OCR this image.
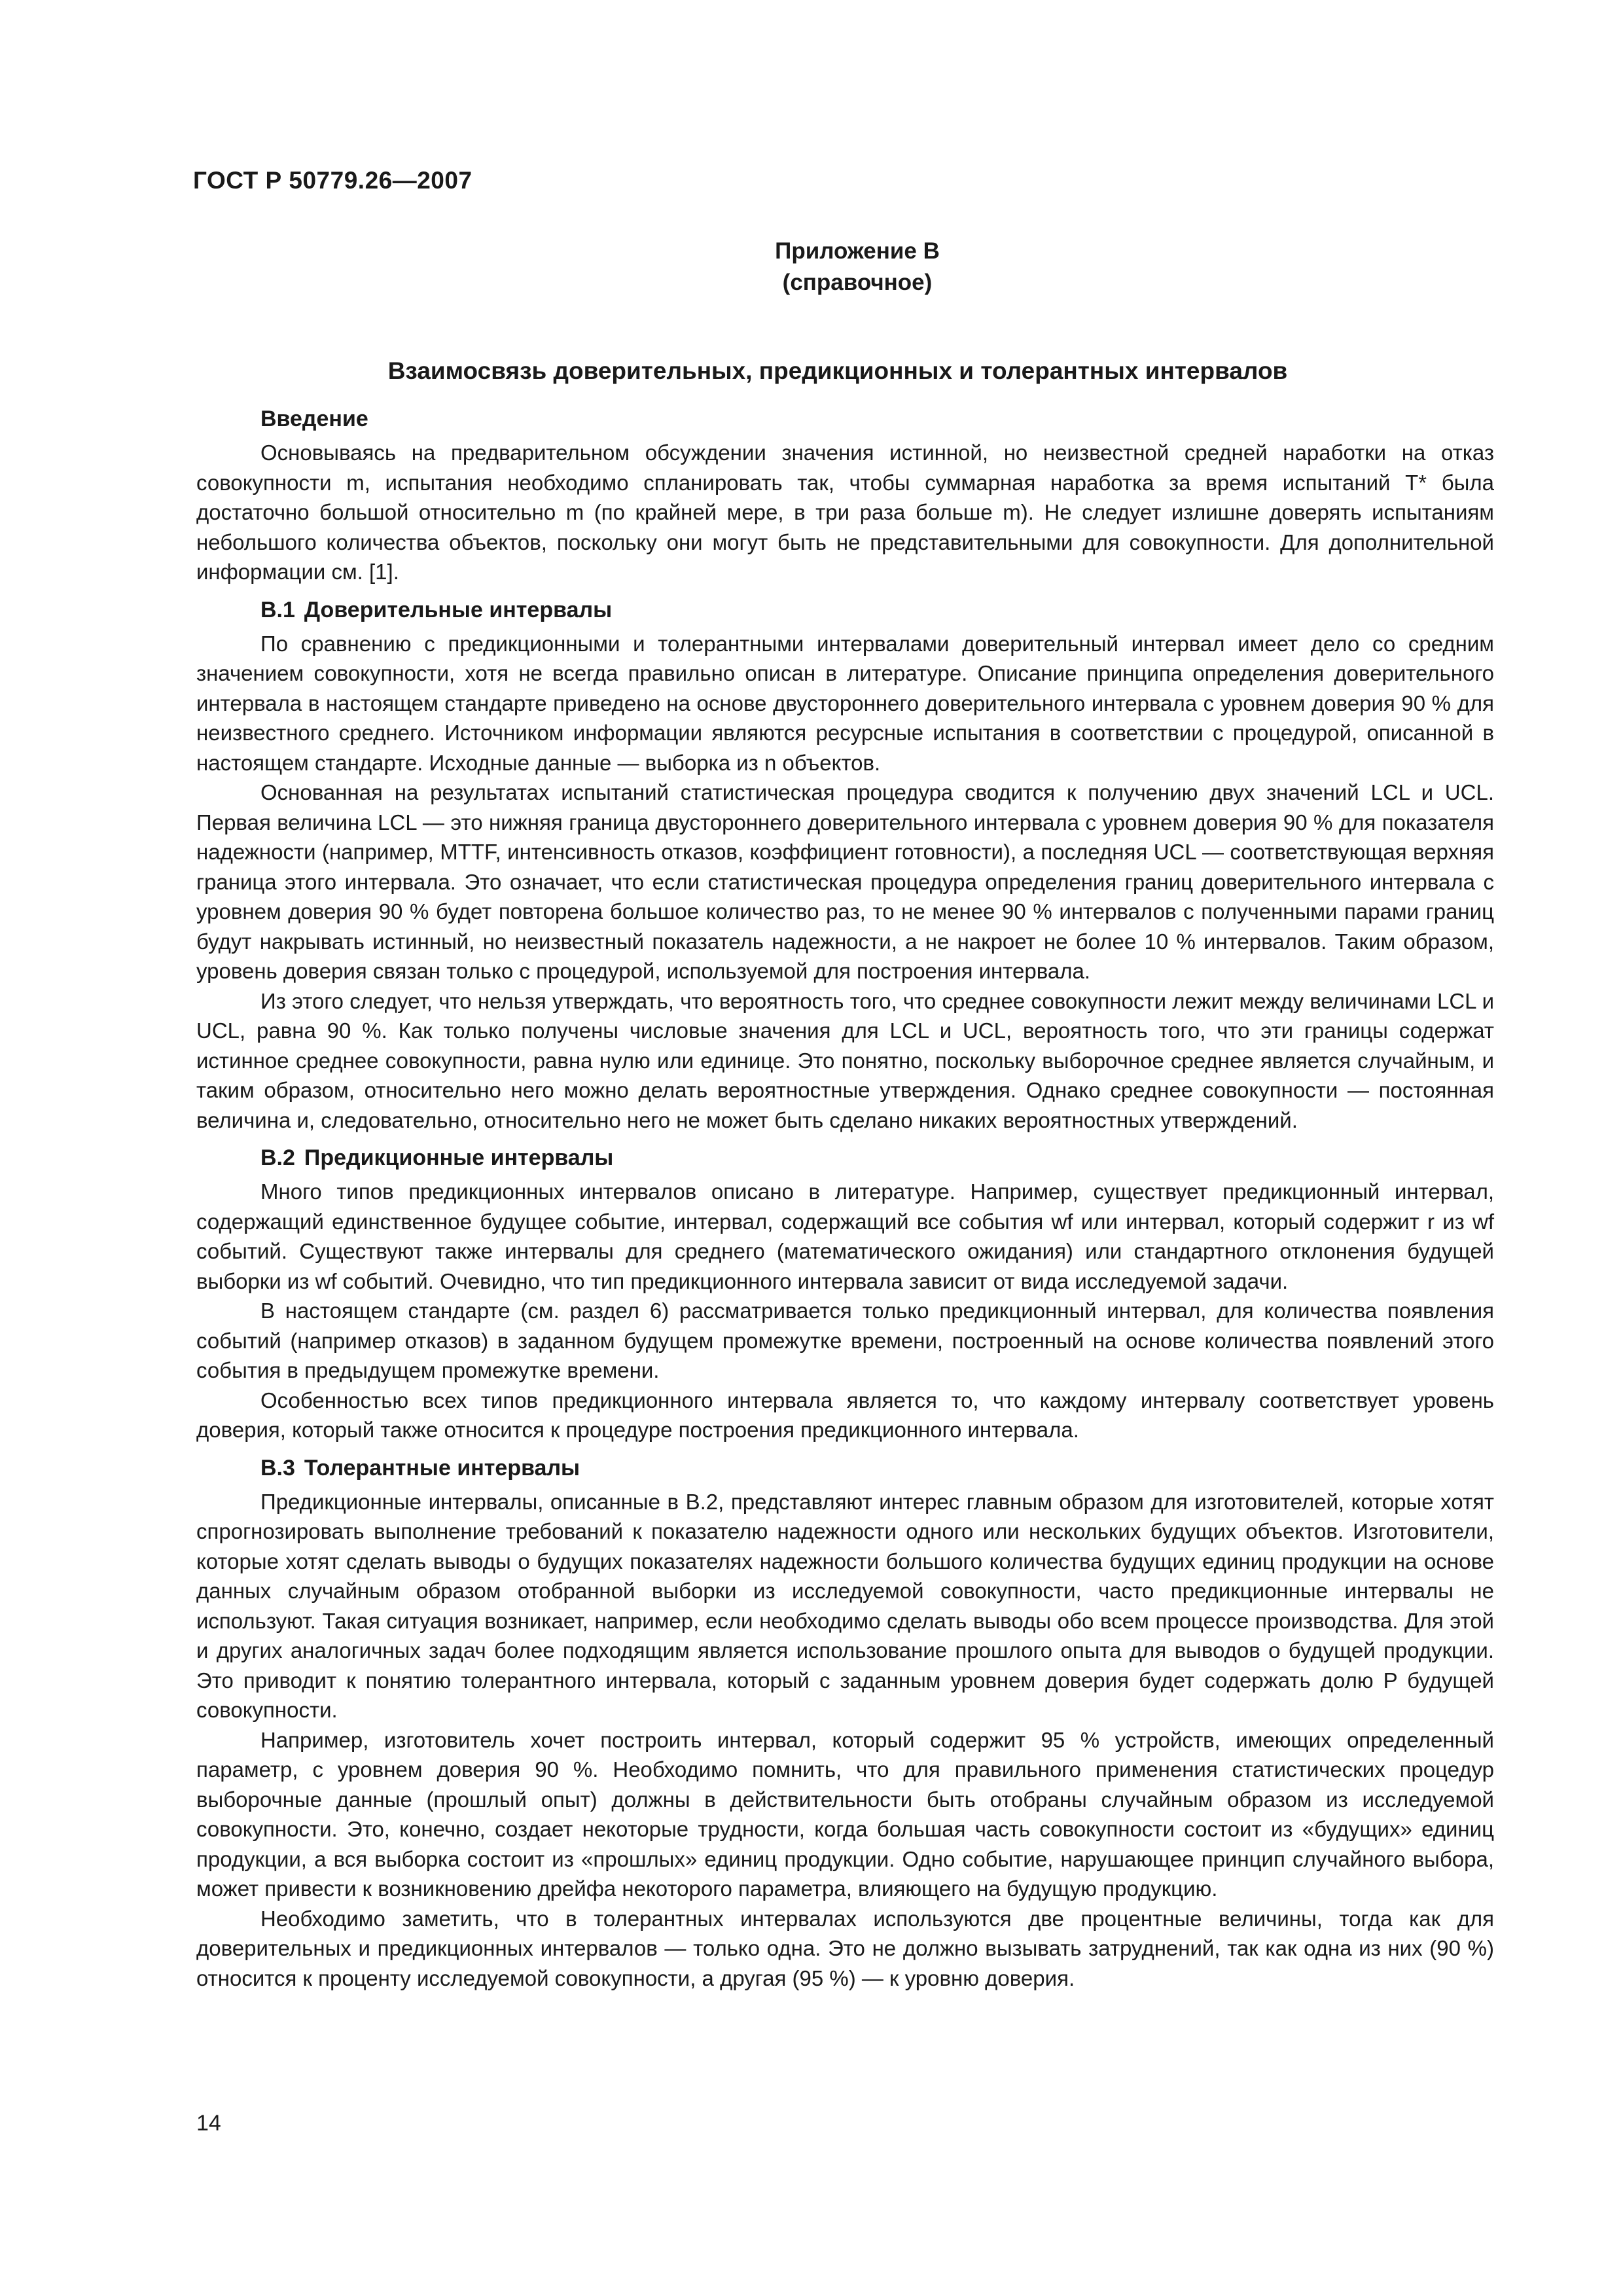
ГОСТ Р 50779.26—2007
Приложение В
(справочное)
Взаимосвязь доверительных, предикционных и толерантных интервалов
Введение

Основываясь на предварительном обсуждении значения истинной, но неизвестной средней наработки на отказ совокупности m, испытания необходимо спланировать так, чтобы суммарная наработка за время испытаний T* была достаточно большой относительно m (по крайней мере, в три раза больше m). Не следует излишне доверять испытаниям небольшого количества объектов, поскольку они могут быть не представительными для совокупности. Для дополнительной информации см. [1].

В.1 Доверительные интервалы

По сравнению с предикционными и толерантными интервалами доверительный интервал имеет дело со средним значением совокупности, хотя не всегда правильно описан в литературе. Описание принципа определения доверительного интервала в настоящем стандарте приведено на основе двустороннего доверительного интервала с уровнем доверия 90 % для неизвестного среднего. Источником информации являются ресурсные испытания в соответствии с процедурой, описанной в настоящем стандарте. Исходные данные — выборка из n объектов.

Основанная на результатах испытаний статистическая процедура сводится к получению двух значений LCL и UCL. Первая величина LCL — это нижняя граница двустороннего доверительного интервала с уровнем доверия 90 % для показателя надежности (например, MTTF, интенсивность отказов, коэффициент готовности), а последняя UCL — соответствующая верхняя граница этого интервала. Это означает, что если статистическая процедура определения границ доверительного интервала с уровнем доверия 90 % будет повторена большое количество раз, то не менее 90 % интервалов с полученными парами границ будут накрывать истинный, но неизвестный показатель надежности, а не накроет не более 10 % интервалов. Таким образом, уровень доверия связан только с процедурой, используемой для построения интервала.

Из этого следует, что нельзя утверждать, что вероятность того, что среднее совокупности лежит между величинами LCL и UCL, равна 90 %. Как только получены числовые значения для LCL и UCL, вероятность того, что эти границы содержат истинное среднее совокупности, равна нулю или единице. Это понятно, поскольку выборочное среднее является случайным, и таким образом, относительно него можно делать вероятностные утверждения. Однако среднее совокупности — постоянная величина и, следовательно, относительно него не может быть сделано никаких вероятностных утверждений.

В.2 Предикционные интервалы

Много типов предикционных интервалов описано в литературе. Например, существует предикционный интервал, содержащий единственное будущее событие, интервал, содержащий все события wf или интервал, который содержит r из wf событий. Существуют также интервалы для среднего (математического ожидания) или стандартного отклонения будущей выборки из wf событий. Очевидно, что тип предикционного интервала зависит от вида исследуемой задачи.

В настоящем стандарте (см. раздел 6) рассматривается только предикционный интервал, для количества появления событий (например отказов) в заданном будущем промежутке времени, построенный на основе количества появлений этого события в предыдущем промежутке времени.

Особенностью всех типов предикционного интервала является то, что каждому интервалу соответствует уровень доверия, который также относится к процедуре построения предикционного интервала.

В.3 Толерантные интервалы

Предикционные интервалы, описанные в В.2, представляют интерес главным образом для изготовителей, которые хотят спрогнозировать выполнение требований к показателю надежности одного или нескольких будущих объектов. Изготовители, которые хотят сделать выводы о будущих показателях надежности большого количества будущих единиц продукции на основе данных случайным образом отобранной выборки из исследуемой совокупности, часто предикционные интервалы не используют. Такая ситуация возникает, например, если необходимо сделать выводы обо всем процессе производства. Для этой и других аналогичных задач более подходящим является использование прошлого опыта для выводов о будущей продукции. Это приводит к понятию толерантного интервала, который с заданным уровнем доверия будет содержать долю P будущей совокупности.

Например, изготовитель хочет построить интервал, который содержит 95 % устройств, имеющих определенный параметр, с уровнем доверия 90 %. Необходимо помнить, что для правильного применения статистических процедур выборочные данные (прошлый опыт) должны в действительности быть отобраны случайным образом из исследуемой совокупности. Это, конечно, создает некоторые трудности, когда большая часть совокупности состоит из «будущих» единиц продукции, а вся выборка состоит из «прошлых» единиц продукции. Одно событие, нарушающее принцип случайного выбора, может привести к возникновению дрейфа некоторого параметра, влияющего на будущую продукцию.

Необходимо заметить, что в толерантных интервалах используются две процентные величины, тогда как для доверительных и предикционных интервалов — только одна. Это не должно вызывать затруднений, так как одна из них (90 %) относится к проценту исследуемой совокупности, а другая (95 %) — к уровню доверия.

14
